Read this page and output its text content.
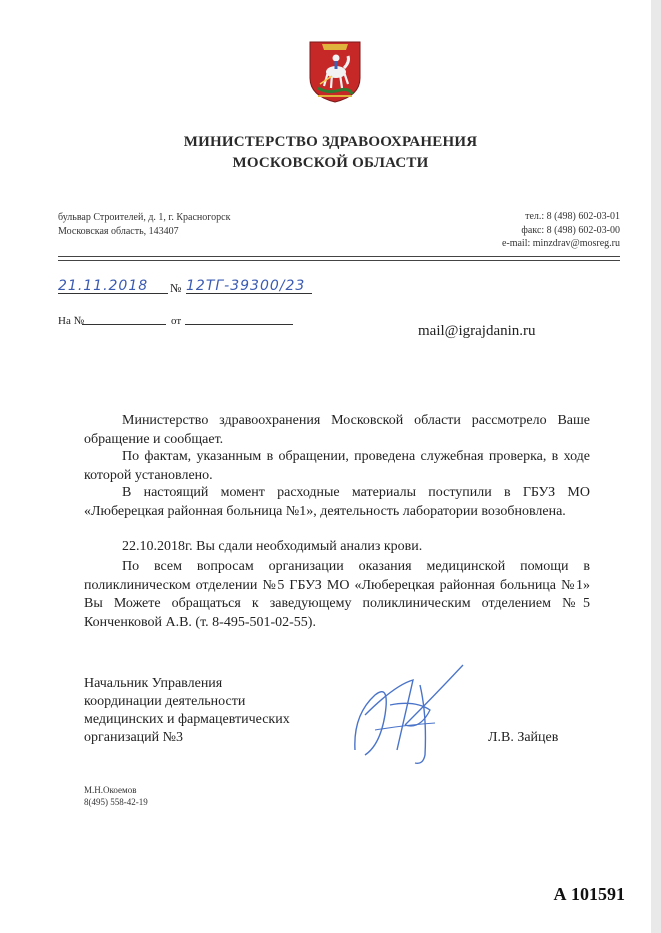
МИНИСТЕРСТВО ЗДРАВООХРАНЕНИЯ
МОСКОВСКОЙ ОБЛАСТИ
бульвар Строителей, д. 1, г. Красногорск
Московская область, 143407
тел.: 8 (498) 602-03-01
факс: 8 (498) 602-03-00
e-mail: minzdrav@mosreg.ru
21.11.2018	№ 12ТГ-39300/23
На №	от
mail@igrajdanin.ru
Министерство здравоохранения Московской области рассмотрело Ваше обращение и сообщает.
По фактам, указанным в обращении, проведена служебная проверка, в ходе которой установлено.
В настоящий момент расходные материалы поступили в ГБУЗ МО «Люберецкая районная больница №1», деятельность лаборатории возобновлена.
22.10.2018г. Вы сдали необходимый анализ крови.
По всем вопросам организации оказания медицинской помощи в поликлиническом отделении №5 ГБУЗ МО «Люберецкая районная больница №1» Вы Можете обращаться к заведующему поликлиническим отделением №5 Конченковой А.В. (т. 8-495-501-02-55).
Начальник Управления
координации деятельности
медицинских и фармацевтических
организаций №3	Л.В. Зайцев
М.Н.Окоемов
8(495) 558-42-19
А 101591
